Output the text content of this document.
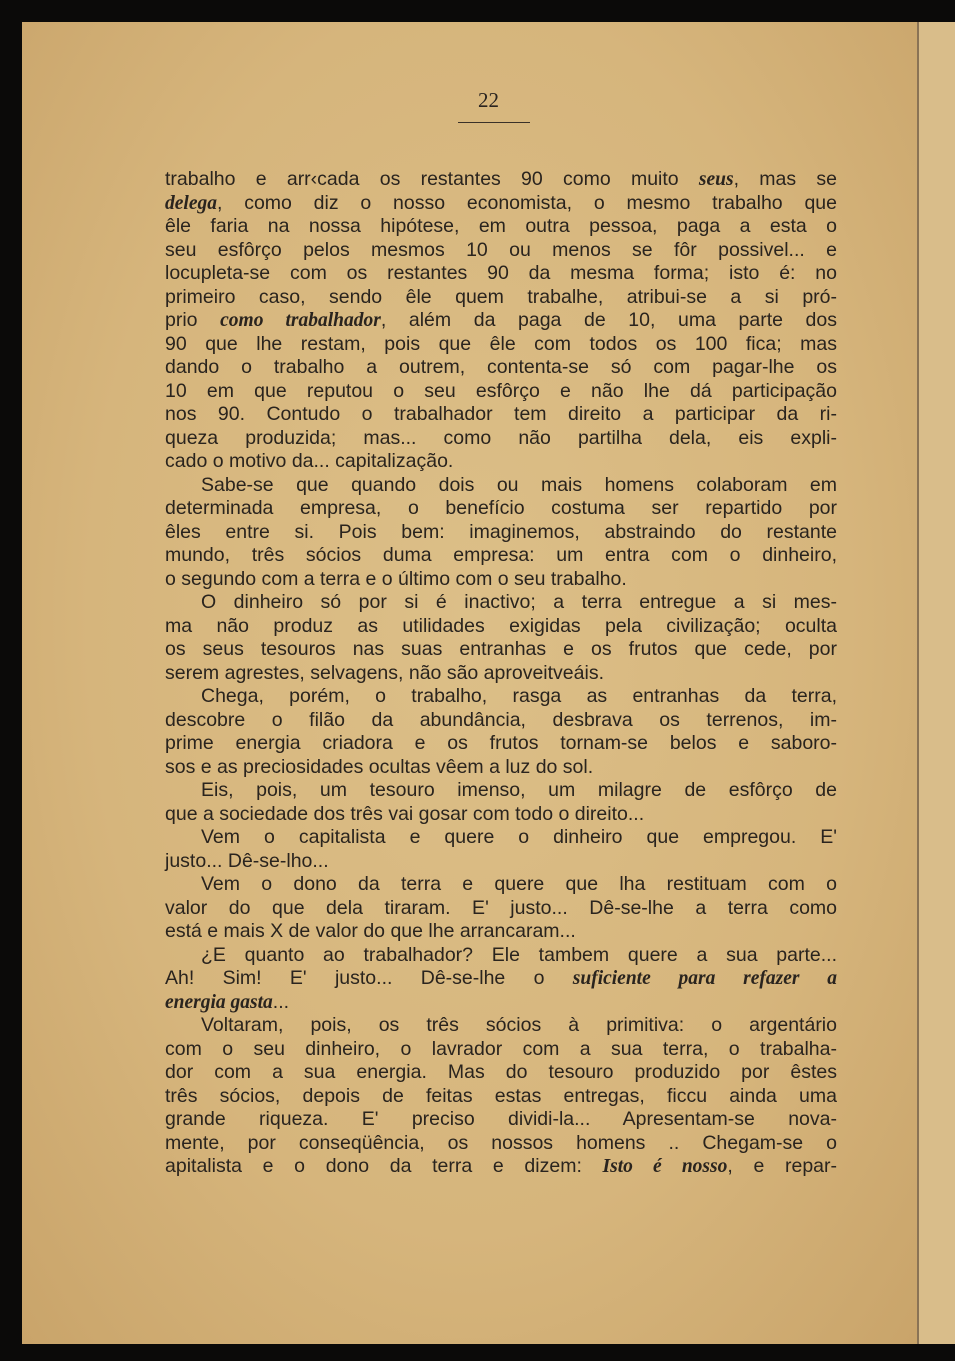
22
trabalho e arr‹cada os restantes 90 como muito seus, mas se
delega, como diz o nosso economista, o mesmo trabalho que
êle faria na nossa hipótese, em outra pessoa, paga a esta o
seu esfôrço pelos mesmos 10 ou menos se fôr possivel... e
locupleta-se com os restantes 90 da mesma forma; isto é: no
primeiro caso, sendo êle quem trabalhe, atribui-se a si pró-
prio como trabalhador, além da paga de 10, uma parte dos
90 que lhe restam, pois que êle com todos os 100 fica; mas
dando o trabalho a outrem, contenta-se só com pagar-lhe os
10 em que reputou o seu esfôrço e não lhe dá participação
nos 90. Contudo o trabalhador tem direito a participar da ri-
queza produzida; mas... como não partilha dela, eis expli-
cado o motivo da... capitalização.
Sabe-se que quando dois ou mais homens colaboram em
determinada empresa, o benefício costuma ser repartido por
êles entre si. Pois bem: imaginemos, abstraindo do restante
mundo, três sócios duma empresa: um entra com o dinheiro,
o segundo com a terra e o último com o seu trabalho.
O dinheiro só por si é inactivo; a terra entregue a si mes-
ma não produz as utilidades exigidas pela civilização; oculta
os seus tesouros nas suas entranhas e os frutos que cede, por
serem agrestes, selvagens, não são aproveitveáis.
Chega, porém, o trabalho, rasga as entranhas da terra,
descobre o filão da abundância, desbrava os terrenos, im-
prime energia criadora e os frutos tornam-se belos e saboro-
sos e as preciosidades ocultas vêem a luz do sol.
Eis, pois, um tesouro imenso, um milagre de esfôrço de
que a sociedade dos três vai gosar com todo o direito...
Vem o capitalista e quere o dinheiro que empregou. E'
justo... Dê-se-lho...
Vem o dono da terra e quere que lha restituam com o
valor do que dela tiraram. E' justo... Dê-se-lhe a terra como
está e mais X de valor do que lhe arrancaram...
¿E quanto ao trabalhador? Ele tambem quere a sua parte...
Ah! Sim! E' justo... Dê-se-lhe o suficiente para refazer a
energia gasta...
Voltaram, pois, os três sócios à primitiva: o argentário
com o seu dinheiro, o lavrador com a sua terra, o trabalha-
dor com a sua energia. Mas do tesouro produzido por êstes
três sócios, depois de feitas estas entregas, ficcu ainda uma
grande riqueza. E' preciso dividi-la... Apresentam-se nova-
mente, por conseqüência, os nossos homens .. Chegam-se o
apitalista e o dono da terra e dizem: Isto é nosso, e repar-
